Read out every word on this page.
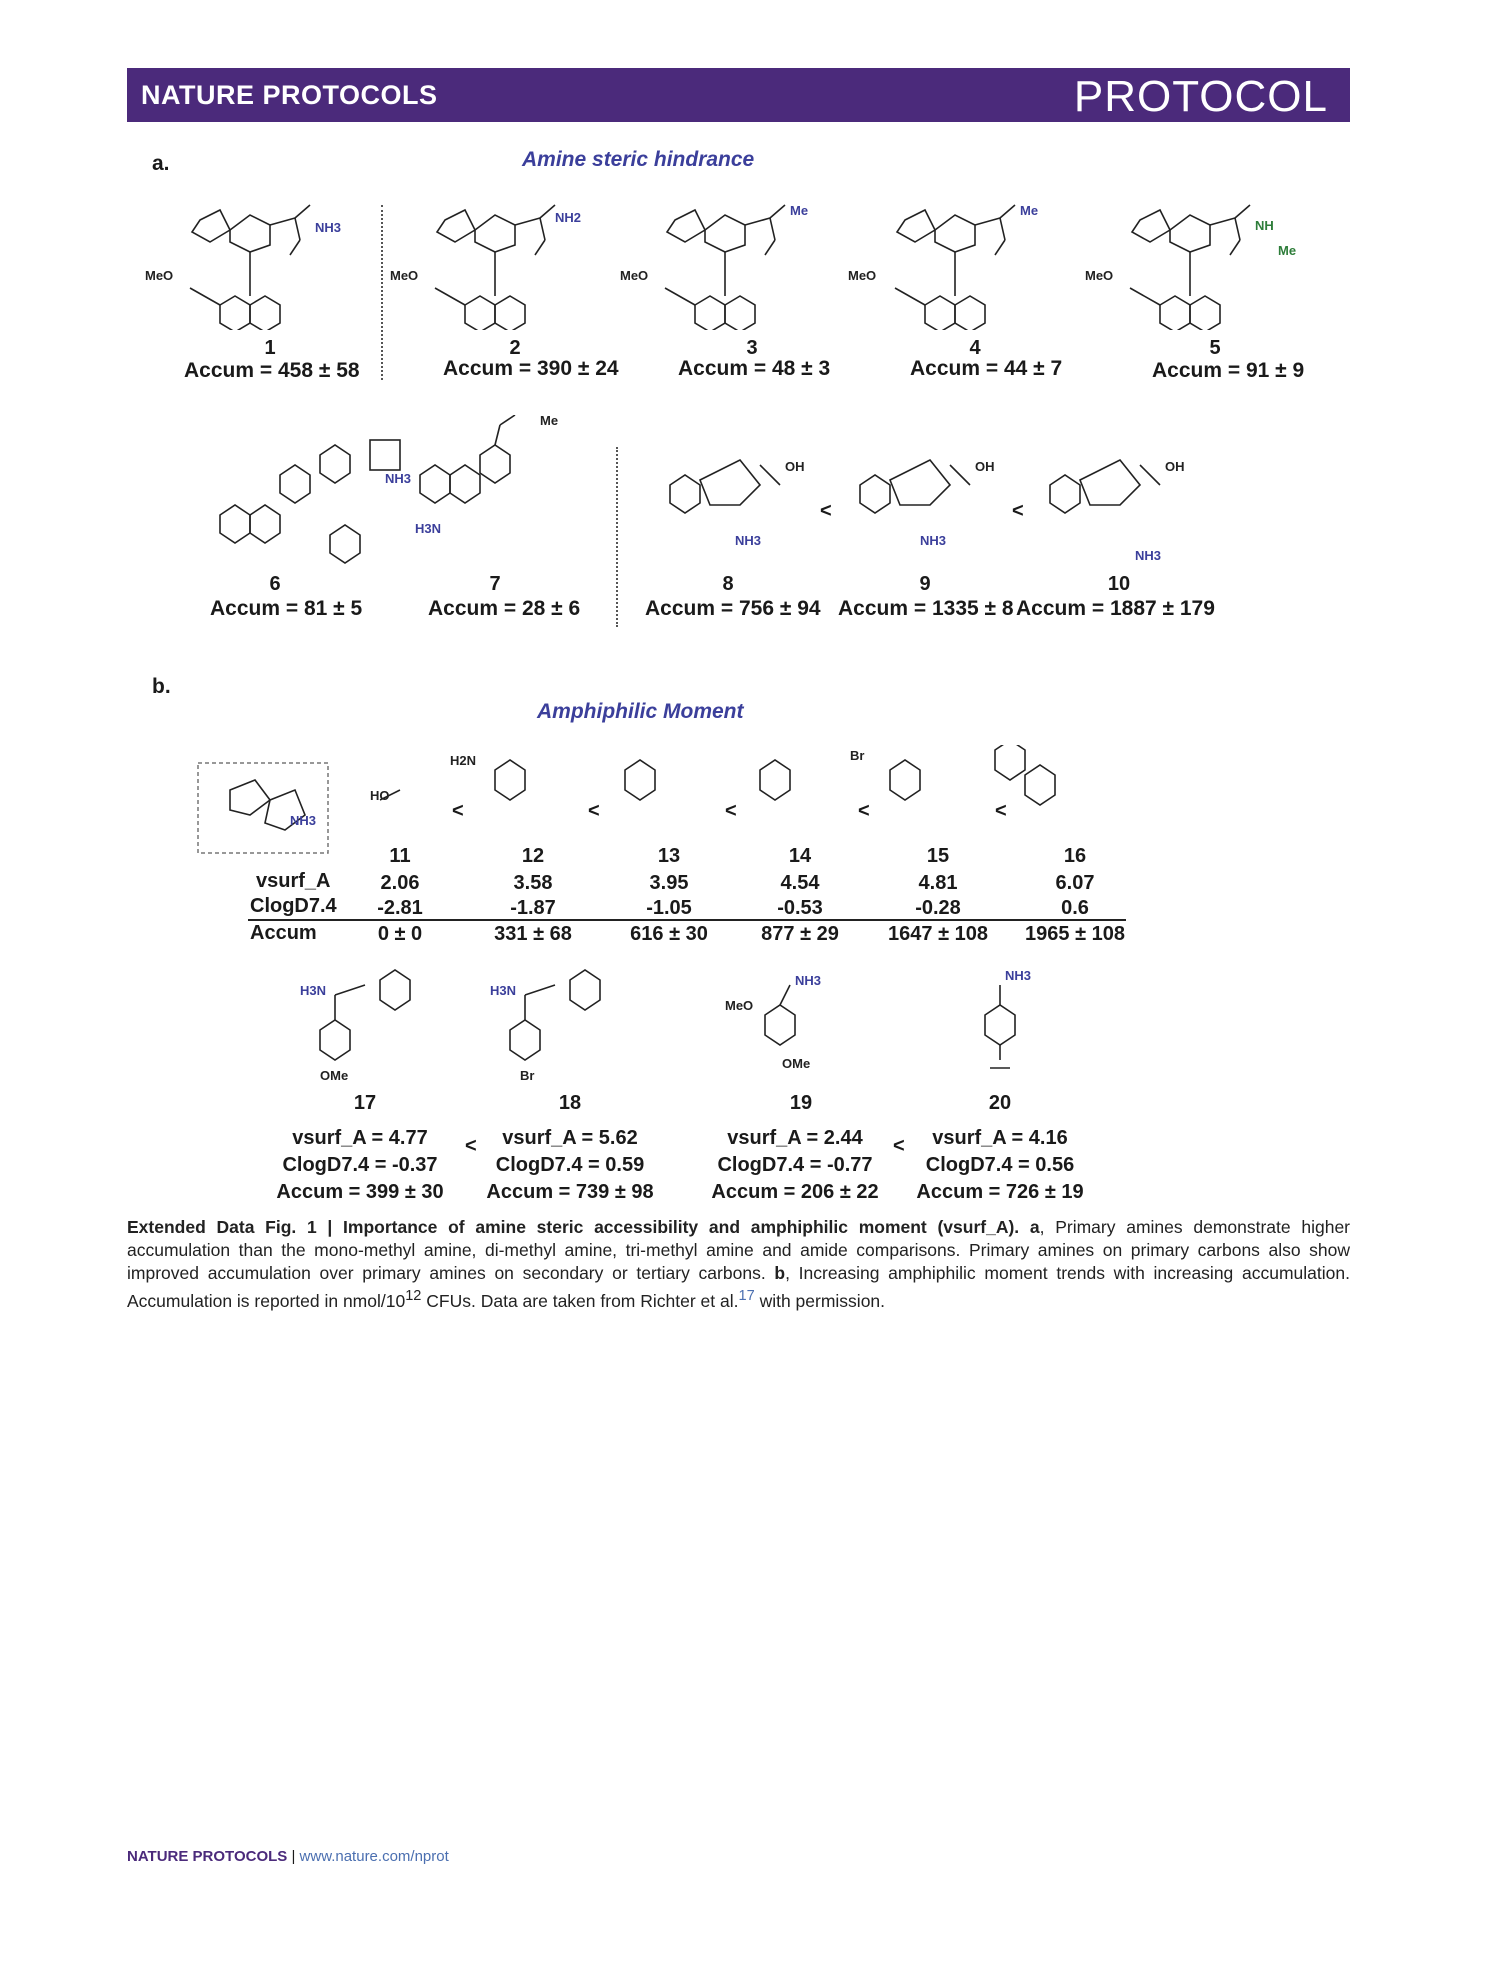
NATURE PROTOCOLS	PROTOCOL
a.	Amine steric hindrance
MeO	MeO	MeO	MeO	MeO
NH3
NH2	Me	Me
NH
Me
1
Accum = 458 ± 58
2
Accum = 390 ± 24
3
Accum = 48 ± 3
4
Accum = 44 ± 7
5
Accum = 91 ± 9
OH	OH	OH
Me
NH3
H3N
NH3	NH3
NH3
<	<
6
Accum = 81 ± 5
7
Accum = 28 ± 6
8
Accum = 756 ± 94
9
Accum = 1335 ± 8
10
Accum = 1887 ± 179
b.
Amphiphilic Moment
HO
H2N	Br
NH3	<	<	<	<	<
11	12	13	14	15	16
vsurf_A
ClogD7.4
Accum
2.06	3.58	3.95	4.54	4.81	6.07
-2.81	-1.87	-1.05	-0.53	-0.28	0.6
0 ± 0	331 ± 68	616 ± 30	877 ± 29	1647 ± 108 1965 ± 108
OMe	Br
MeO
OMe
H3N	H3N
NH3	NH3
17	18	19	20
vsurf_A = 4.77
ClogD7.4 = -0.37
Accum = 399 ± 30
<	vsurf_A = 5.62
ClogD7.4 = 0.59
Accum = 739 ± 98
vsurf_A = 2.44
ClogD7.4 = -0.77
Accum = 206 ± 22
<	vsurf_A = 4.16
ClogD7.4 = 0.56
Accum = 726 ± 19
Extended Data Fig. 1 | Importance of amine steric accessibility and amphiphilic moment (vsurf_A). a, Primary amines demonstrate higher accumulation than the mono-methyl amine, di-methyl amine, tri-methyl amine and amide comparisons. Primary amines on primary carbons also show improved accumulation over primary amines on secondary or tertiary carbons. b, Increasing amphiphilic moment trends with increasing accumulation. Accumulation is reported in nmol/$10^{12}$ CFUs. Data are taken from Richter et al.$^{17}$ with permission.
NATURE PROTOCOLS | www.nature.com/nprot
